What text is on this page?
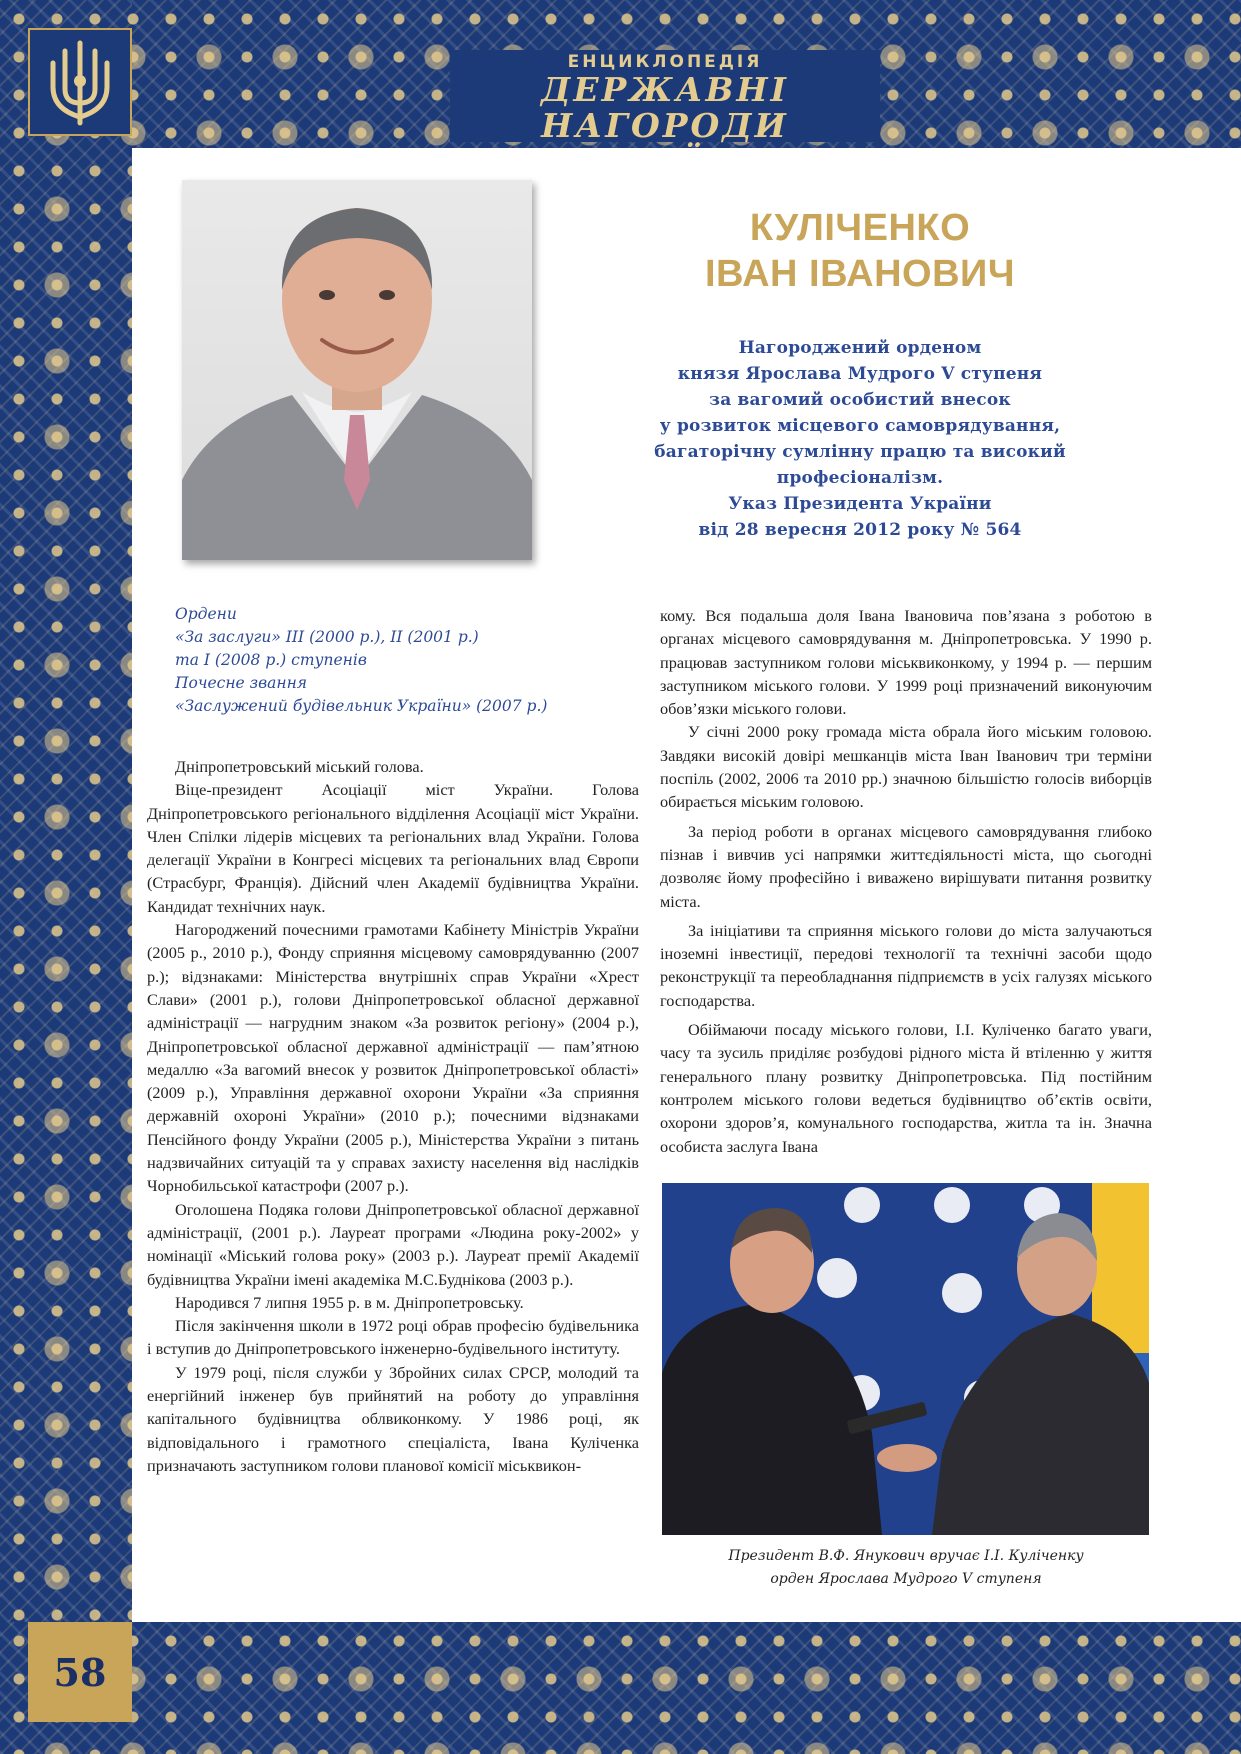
ЕНЦИКЛОПЕДІЯ
ДЕРЖАВНІ НАГОРОДИ
58
КУЛІЧЕНКО
ІВАН ІВАНОВИЧ
Нагороджений орденом
князя Ярослава Мудрого V ступеня
за вагомий особистий внесок
у розвиток місцевого самоврядування,
багаторічну сумлінну працю та високий професіоналізм.
Указ Президента України
від 28 вересня 2012 року № 564
Ордени
«За заслуги» ІІІ (2000 р.), ІІ (2001 р.)
та І (2008 р.) ступенів
Почесне звання
«Заслужений будівельник України» (2007 р.)

Дніпропетровський міський голова.

Віце-президент Асоціації міст України. Голова Дніпропетровського регіонального відділення Асоціації міст України. Член Спілки лідерів місцевих та регіональних влад України. Голова делегації України в Конгресі місцевих та регіональних влад Європи (Страсбург, Франція). Дійсний член Академії будівництва України. Кандидат технічних наук.

Нагороджений почесними грамотами Кабінету Міністрів України (2005 р., 2010 р.), Фонду сприяння місцевому самоврядуванню (2007 р.); відзнаками: Міністерства внутрішніх справ України «Хрест Слави» (2001 р.), голови Дніпропетровської обласної державної адміністрації — нагрудним знаком «За розвиток регіону» (2004 р.), Дніпропетровської обласної державної адміністрації — пам’ятною медаллю «За вагомий внесок у розвиток Дніпропетровської області» (2009 р.), Управління державної охорони України «За сприяння державній охороні України» (2010 р.); почесними відзнаками Пенсійного фонду України (2005 р.), Міністерства України з питань надзвичайних ситуацій та у справах захисту населення від наслідків Чорнобильської катастрофи (2007 р.).

Оголошена Подяка голови Дніпропетровської обласної державної адміністрації, (2001 р.). Лауреат програми «Людина року-2002» у номінації «Міський голова року» (2003 р.). Лауреат премії Академії будівництва України імені академіка М.С.Буднікова (2003 р.).

Народився 7 липня 1955 р. в м. Дніпропетровську.

Після закінчення школи в 1972 році обрав професію будівельника і вступив до Дніпропетровського інженерно-будівельного інституту.

У 1979 році, після служби у Збройних силах СРСР, молодий та енергійний інженер був прийнятий на роботу до управління капітального будівництва облвиконкому. У 1986 році, як відповідального і грамотного спеціаліста, Івана Куліченка призначають заступником голови планової комісії міськвикон-

кому. Вся подальша доля Івана Івановича пов’язана з роботою в органах місцевого самоврядування м. Дніпропетровська. У 1990 р. працював заступником голови міськвиконкому, у 1994 р. — першим заступником міського голови. У 1999 році призначений виконуючим обов’язки міського голови.

У січні 2000 року громада міста обрала його міським головою. Завдяки високій довірі мешканців міста Іван Іванович три терміни поспіль (2002, 2006 та 2010 рр.) значною більшістю голосів виборців обирається міським головою.

За період роботи в органах місцевого самоврядування глибоко пізнав і вивчив усі напрямки життєдіяльності міста, що сьогодні дозволяє йому професійно і виважено вирішувати питання розвитку міста.

За ініціативи та сприяння міського голови до міста залучаються іноземні інвестиції, передові технології та технічні засоби щодо реконструкції та переобладнання підприємств в усіх галузях міського господарства.

Обіймаючи посаду міського голови, І.І. Куліченко багато уваги, часу та зусиль приділяє розбудові рідного міста й втіленню у життя генерального плану розвитку Дніпропетровська. Під постійним контролем міського голови ведеться будівництво об’єктів освіти, охорони здоров’я, комунального господарства, житла та ін. Значна особиста заслуга Івана

Президент В.Ф. Янукович вручає І.І. Куліченку
орден Ярослава Мудрого V ступеня
